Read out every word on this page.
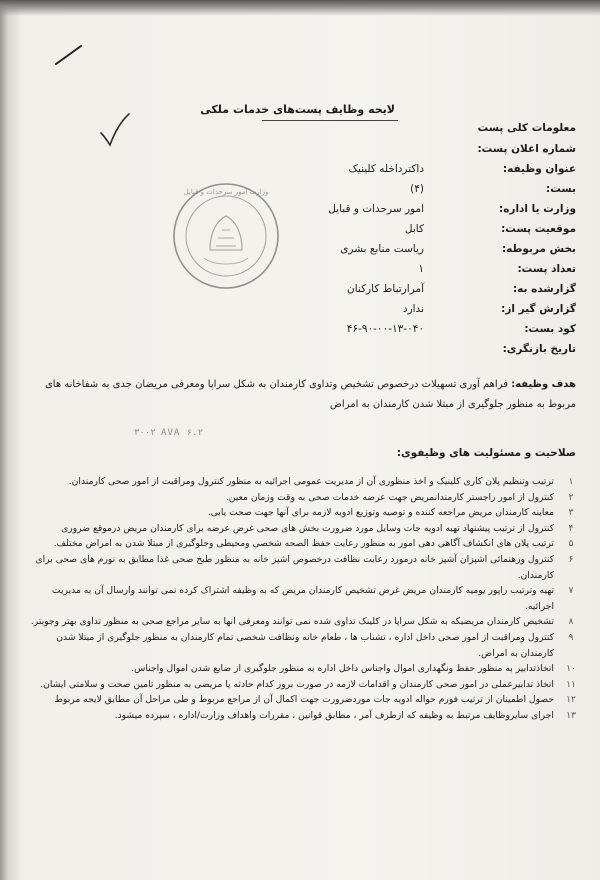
لایحه وظایف پست‌های خدمات ملکی
معلومات کلی پست
شماره اعلان پست:
عنوان وظیفه:
داکترداخله کلینیک
بست:
(۴)
وزارت یا اداره:
امور سرحدات و قبایل
موقعیت پست:
کابل
بخش مربوطه:
ریاست منابع بشری
تعداد پست:
۱
گزارشده به:
آمرارتباط کارکنان
گزارش گیر از:
ندارد
کود بست:
۴۶-۹۰-۰۰-۱۳-۰۴۰
تاریخ بازنگری:
وزارت امور سرحدات و قبایل
هدف وظیفه: فراهم آوری تسهیلات درخصوص تشخیص وتداوی کارمندان به شکل سراپا ومعرفی مریضان جدی به شفاخانه های مربوط به منظور جلوگیری از مبتلا شدن کارمندان به امراض
۳۰۰۲ AVA ۶.۲
صلاحیت و مسئولیت های وظیفوی:
۱
ترتیب وتنظیم پلان کاری کلینیک و اخذ منظوری آن از مدیریت عمومی اجرائیه به منظور کنترول ومراقبت از امور صحی کارمندان.
۲
کنترول از امور راجستر کارمندانمریض جهت عرضه خدمات صحی به وقت وزمان معین.
۳
معاینه کارمندان مریض مراجعه کننده و توصیه وتوزیع ادویه لازمه برای آنها جهت صحت یابی.
۴
کنترول از ترتیب پیشنهاد تهیه ادویه جات وسایل مورد ضرورت بخش های صحی غرض عرضه برای کارمندان مریض درموقع ضروری
۵
ترتیب پلان های انکشاف آگاهی دهی امور به منظور رعایت حفظ الصحه شخصی ومحیطی وجلوگیری از مبتلا شدن به امراض مختلف.
۶
کنترول ورهنمائی اشپزان آشپز خانه درمورد رعایت نظافت درخصوص اشپز خانه به منظور طبخ صحی غذا مطابق به نورم های صحی برای کارمندان.
۷
تهیه وترتیب راپور یومیه کارمندان مریض غرض تشخیص کارمندان مریض که به وظیفه اشتراک کرده نمی توانند وارسال آن به مدیریت اجرائیه.
۸
تشخیص کارمندان مریضیکه به شکل سراپا در کلینک تداوی شده نمی توانند ومعرفی انها به سایر مراجع صحی به منظور تداوی بهتر وجوبتر.
۹
کنترول ومراقبت از امور صحی داخل اداره ، تشناب ها ، طعام خانه ونظافت شخصی تمام کارمندان به منظور جلوگیری از مبتلا شدن کارمندان به امراض.
۱۰
اتخاذتدابیر به منظور حفظ ونگهداری اموال واجناس داخل اداره به منظور جلوگیری از ضایع شدن اموال واجناس.
۱۱
اتخاذ تدابیرعملی در امور صحی کارمندان و اقدامات لازمه در صورت بروز کدام حادثه یا مریضی به منظور تامین صحت و سلامتی ایشان.
۱۲
حصول اطمینان از ترتیب فورم حواله ادویه جات موردضرورت جهت اکمال آن از مراجع مربوط و طی مراحل آن مطابق لایحه مربوط
۱۳
اجرای سایروظایف مرتبط به وظیفه که ازطرف آمر ، مطابق قوانین ، مقررات واهداف وزارت/اداره ، سپرده میشود.
